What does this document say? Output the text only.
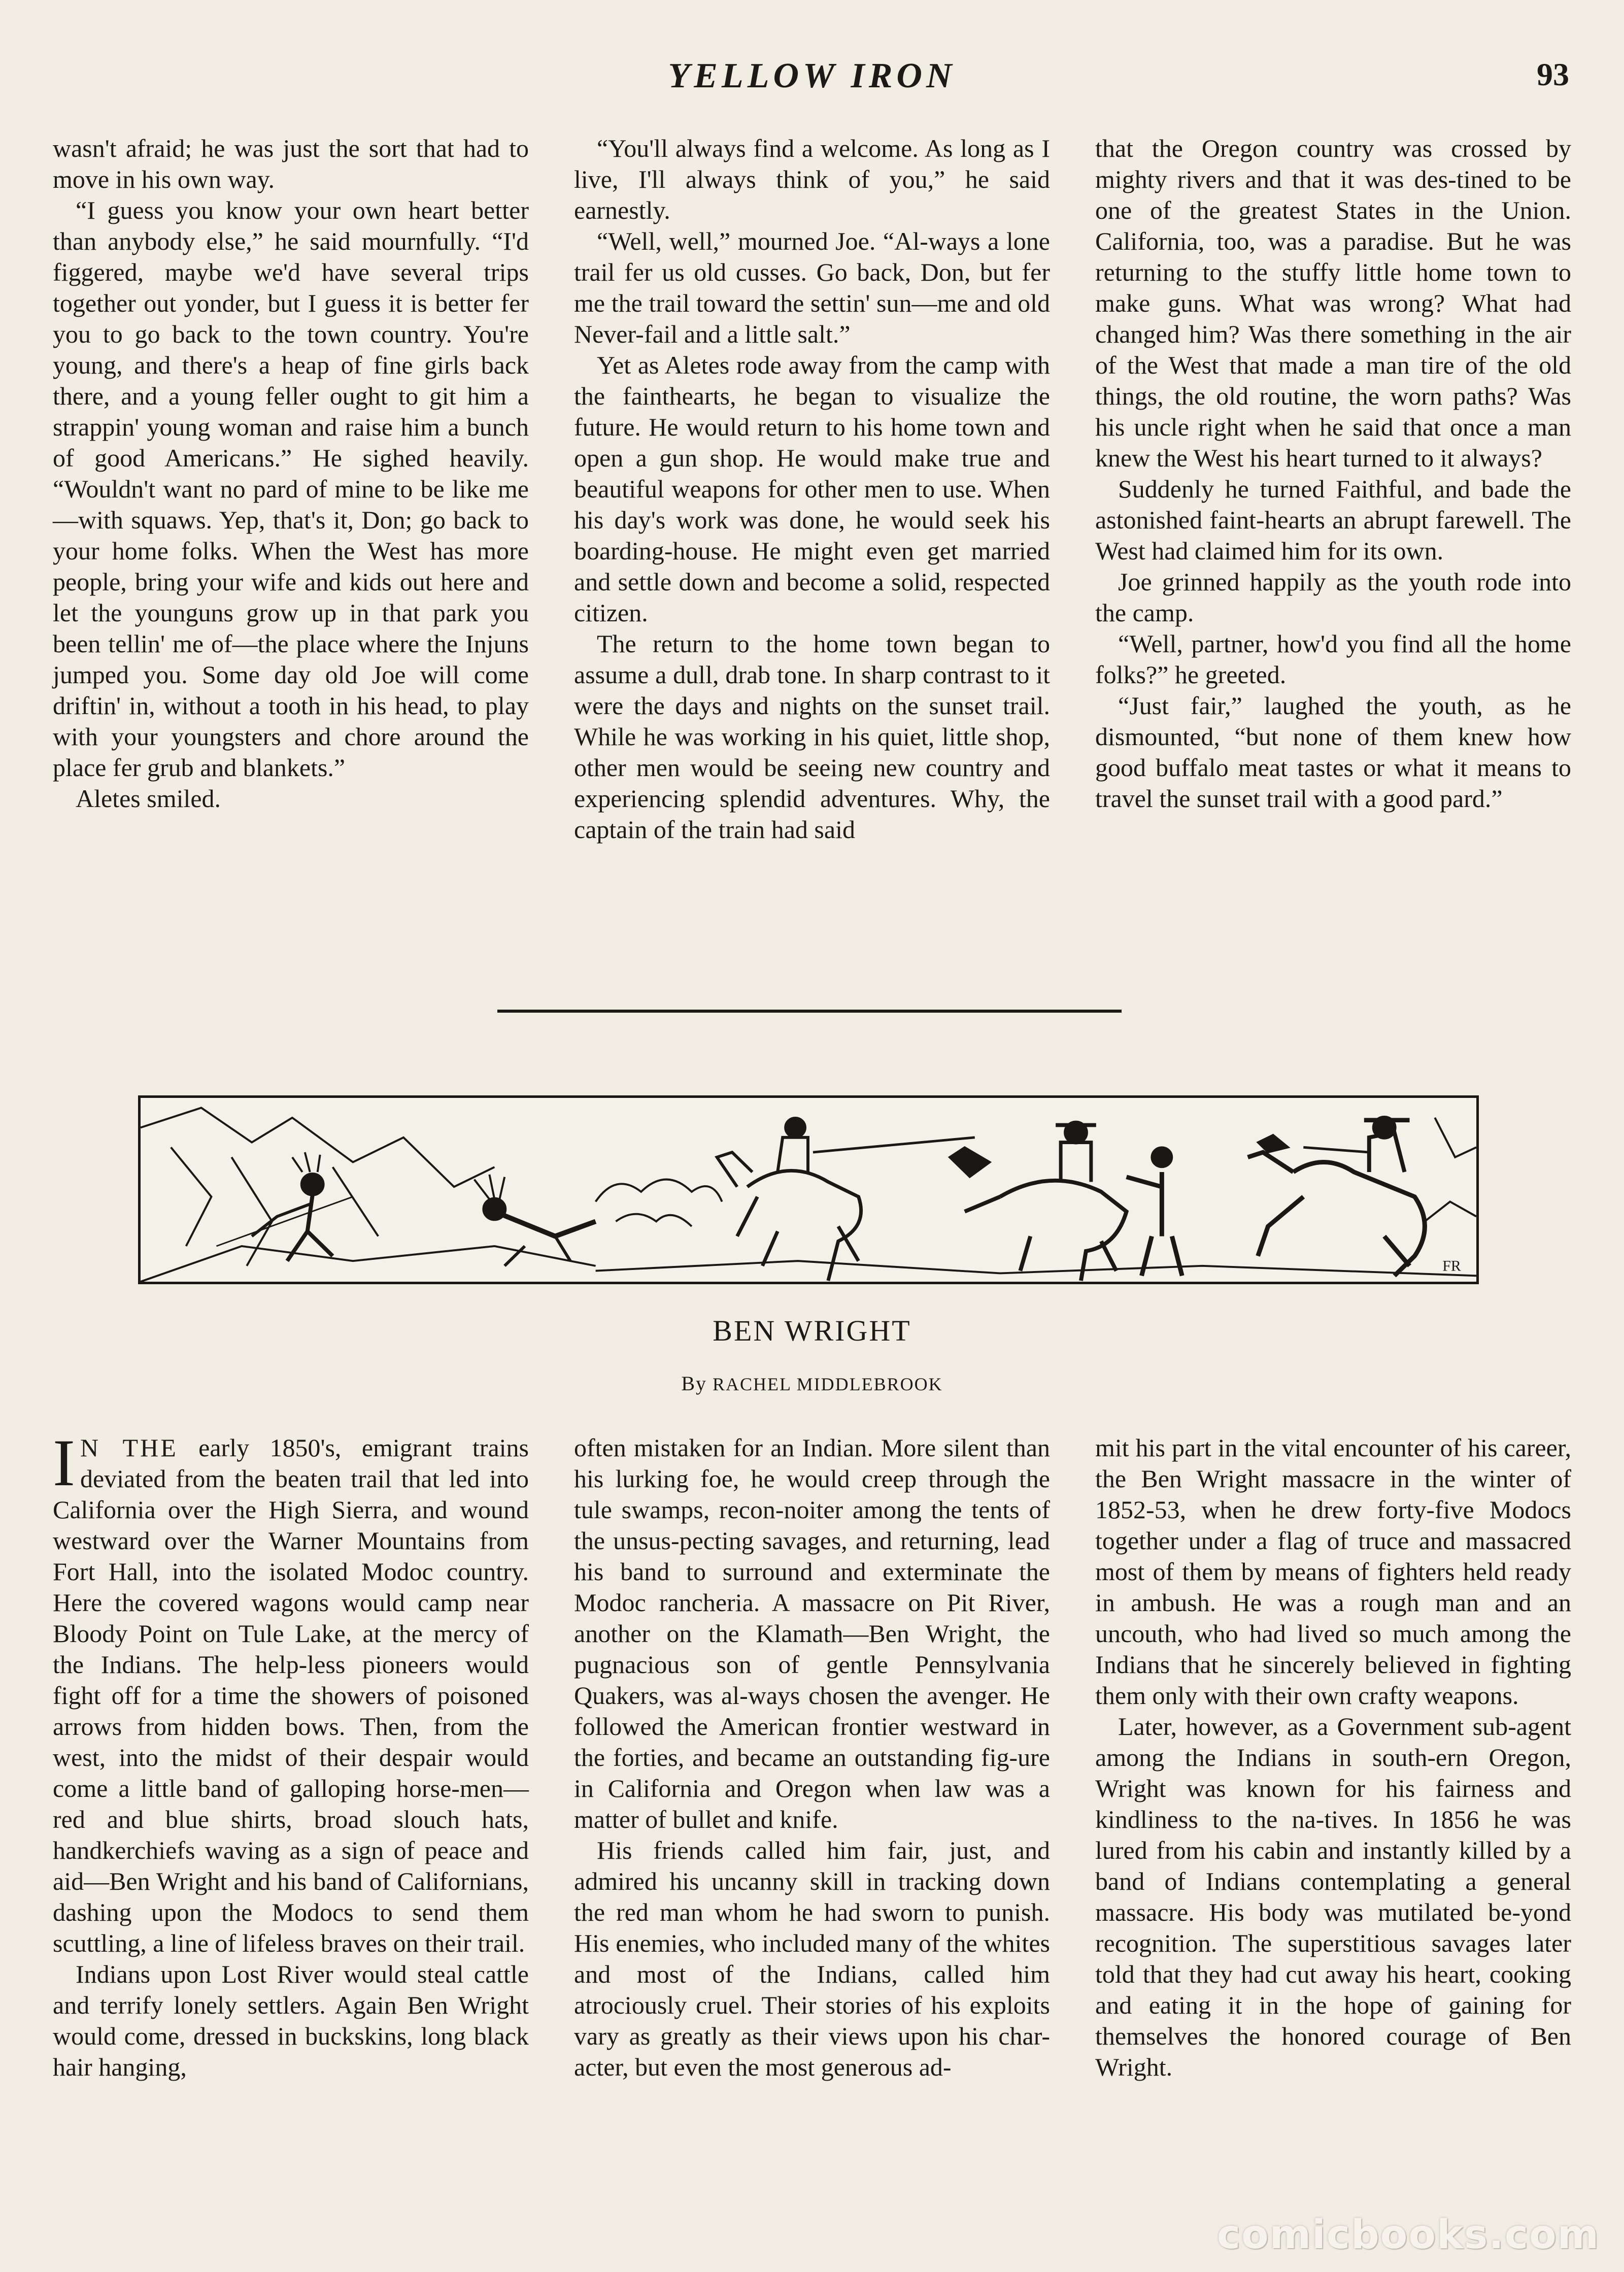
YELLOW IRON	93

wasn't afraid; he was just the sort that had to move in his own way.

“I guess you know your own heart better than anybody else,” he said mournfully. “I'd figgered, maybe we'd have several trips together out yonder, but I guess it is better fer you to go back to the town country. You're young, and there's a heap of fine girls back there, and a young feller ought to git him a strappin' young woman and raise him a bunch of good Americans.” He sighed heavily. “Wouldn't want no pard of mine to be like me—with squaws. Yep, that's it, Don; go back to your home folks. When the West has more people, bring your wife and kids out here and let the younguns grow up in that park you been tellin' me of—the place where the Injuns jumped you. Some day old Joe will come driftin' in, without a tooth in his head, to play with your youngsters and chore around the place fer grub and blankets.”

Aletes smiled.

“You'll always find a welcome. As long as I live, I'll always think of you,” he said earnestly.

“Well, well,” mourned Joe. “Al-ways a lone trail fer us old cusses. Go back, Don, but fer me the trail toward the settin' sun—me and old Never-fail and a little salt.”

Yet as Aletes rode away from the camp with the fainthearts, he began to visualize the future. He would return to his home town and open a gun shop. He would make true and beautiful weapons for other men to use. When his day's work was done, he would seek his boarding-house. He might even get married and settle down and become a solid, respected citizen.

The return to the home town began to assume a dull, drab tone. In sharp contrast to it were the days and nights on the sunset trail. While he was working in his quiet, little shop, other men would be seeing new country and experiencing splendid adventures. Why, the captain of the train had said

that the Oregon country was crossed by mighty rivers and that it was des-tined to be one of the greatest States in the Union. California, too, was a paradise. But he was returning to the stuffy little home town to make guns. What was wrong? What had changed him? Was there something in the air of the West that made a man tire of the old things, the old routine, the worn paths? Was his uncle right when he said that once a man knew the West his heart turned to it always?

Suddenly he turned Faithful, and bade the astonished faint-hearts an abrupt farewell. The West had claimed him for its own.

Joe grinned happily as the youth rode into the camp.

“Well, partner, how'd you find all the home folks?” he greeted.

“Just fair,” laughed the youth, as he dismounted, “but none of them knew how good buffalo meat tastes or what it means to travel the sunset trail with a good pard.”

FR
BEN WRIGHT
By RACHEL MIDDLEBROOK

I N THE early 1850's, emigrant trains deviated from the beaten trail that led into California over the High Sierra, and wound westward over the Warner Mountains from Fort Hall, into the isolated Modoc country. Here the covered wagons would camp near Bloody Point on Tule Lake, at the mercy of the Indians. The help-less pioneers would fight off for a time the showers of poisoned arrows from hidden bows. Then, from the west, into the midst of their despair would come a little band of galloping horse-men—red and blue shirts, broad slouch hats, handkerchiefs waving as a sign of peace and aid—Ben Wright and his band of Californians, dashing upon the Modocs to send them scuttling, a line of lifeless braves on their trail.

Indians upon Lost River would steal cattle and terrify lonely settlers. Again Ben Wright would come, dressed in buckskins, long black hair hanging,

often mistaken for an Indian. More silent than his lurking foe, he would creep through the tule swamps, recon-noiter among the tents of the unsus-pecting savages, and returning, lead his band to surround and exterminate the Modoc rancheria. A massacre on Pit River, another on the Klamath—Ben Wright, the pugnacious son of gentle Pennsylvania Quakers, was al-ways chosen the avenger. He followed the American frontier westward in the forties, and became an outstanding fig-ure in California and Oregon when law was a matter of bullet and knife.

His friends called him fair, just, and admired his uncanny skill in tracking down the red man whom he had sworn to punish. His enemies, who included many of the whites and most of the Indians, called him atrociously cruel. Their stories of his exploits vary as greatly as their views upon his char-acter, but even the most generous ad-

mit his part in the vital encounter of his career, the Ben Wright massacre in the winter of 1852-53, when he drew forty-five Modocs together under a flag of truce and massacred most of them by means of fighters held ready in ambush. He was a rough man and an uncouth, who had lived so much among the Indians that he sincerely believed in fighting them only with their own crafty weapons.

Later, however, as a Government sub-agent among the Indians in south-ern Oregon, Wright was known for his fairness and kindliness to the na-tives. In 1856 he was lured from his cabin and instantly killed by a band of Indians contemplating a general massacre. His body was mutilated be-yond recognition. The superstitious savages later told that they had cut away his heart, cooking and eating it in the hope of gaining for themselves the honored courage of Ben Wright.

comicbooks.com
